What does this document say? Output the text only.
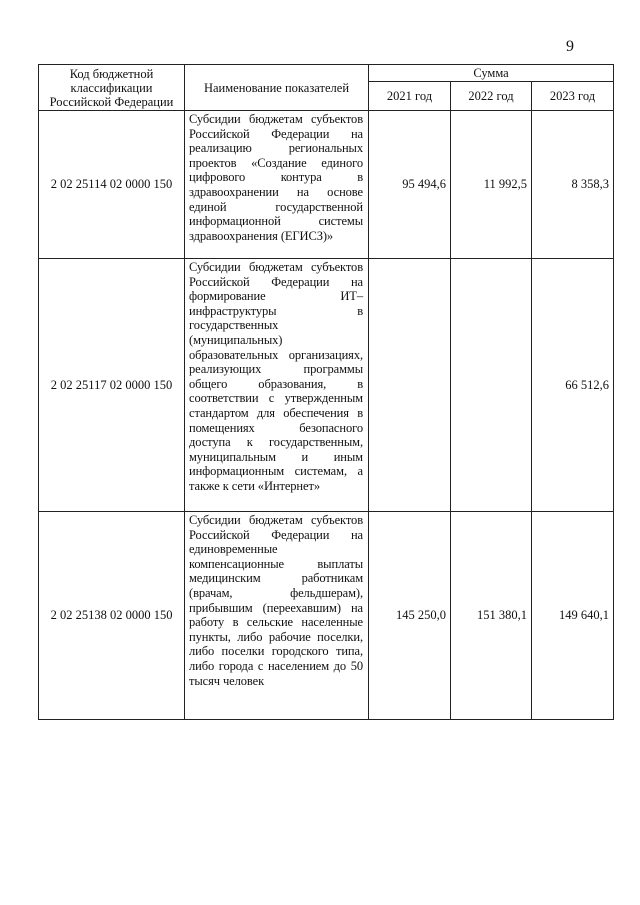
9
Код бюджетной классификации Российской Федерации	Наименование показателей	Сумма		
		2021 год	2022 год	2023 год
2 02 25114 02 0000 150	Субсидии бюджетам субъектов Российской Федерации на реализацию региональных проектов «Создание единого цифрового контура в здравоохранении на основе единой государственной информационной системы здравоохранения (ЕГИСЗ)»	95 494,6	11 992,5	8 358,3
2 02 25117 02 0000 150	Субсидии бюджетам субъектов Российской Федерации на формирование ИТ–инфраструктуры в государственных (муниципальных) образовательных организациях, реализующих программы общего образования, в соответствии с утвержденным стандартом для обеспечения в помещениях безопасного доступа к государственным, муниципальным и иным информационным системам, а также к сети «Интернет»			66 512,6
2 02 25138 02 0000 150	Субсидии бюджетам субъектов Российской Федерации на единовременные компенсационные выплаты медицинским работникам (врачам, фельдшерам), прибывшим (переехавшим) на работу в сельские населенные пункты, либо рабочие поселки, либо поселки городского типа, либо города с населением до 50 тысяч человек	145 250,0	151 380,1	149 640,1
